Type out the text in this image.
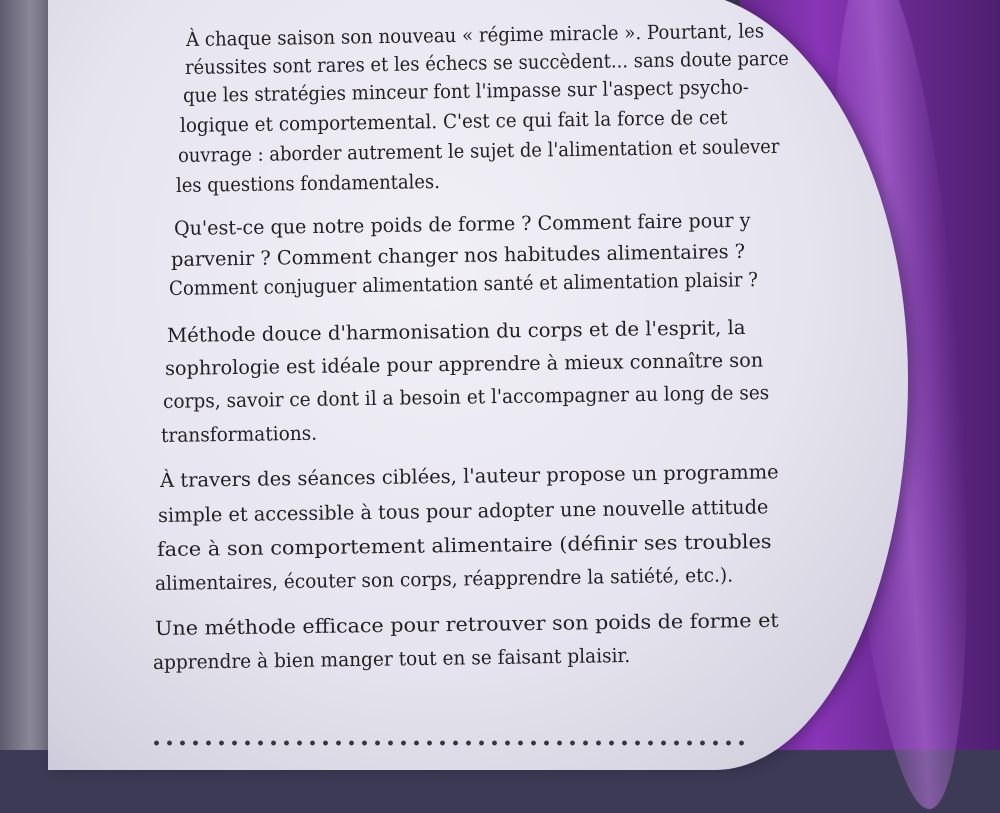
À chaque saison son nouveau « régime miracle ». Pourtant, les
réussites sont rares et les échecs se succèdent... sans doute parce
que les stratégies minceur font l'impasse sur l'aspect psycho-
logique et comportemental. C'est ce qui fait la force de cet
ouvrage : aborder autrement le sujet de l'alimentation et soulever
les questions fondamentales.
Qu'est-ce que notre poids de forme ? Comment faire pour y
parvenir ? Comment changer nos habitudes alimentaires ?
Comment conjuguer alimentation santé et alimentation plaisir ?
Méthode douce d'harmonisation du corps et de l'esprit, la
sophrologie est idéale pour apprendre à mieux connaître son
corps, savoir ce dont il a besoin et l'accompagner au long de ses
transformations.
À travers des séances ciblées, l'auteur propose un programme
simple et accessible à tous pour adopter une nouvelle attitude
face à son comportement alimentaire (définir ses troubles
alimentaires, écouter son corps, réapprendre la satiété, etc.).
Une méthode efficace pour retrouver son poids de forme et
apprendre à bien manger tout en se faisant plaisir.
